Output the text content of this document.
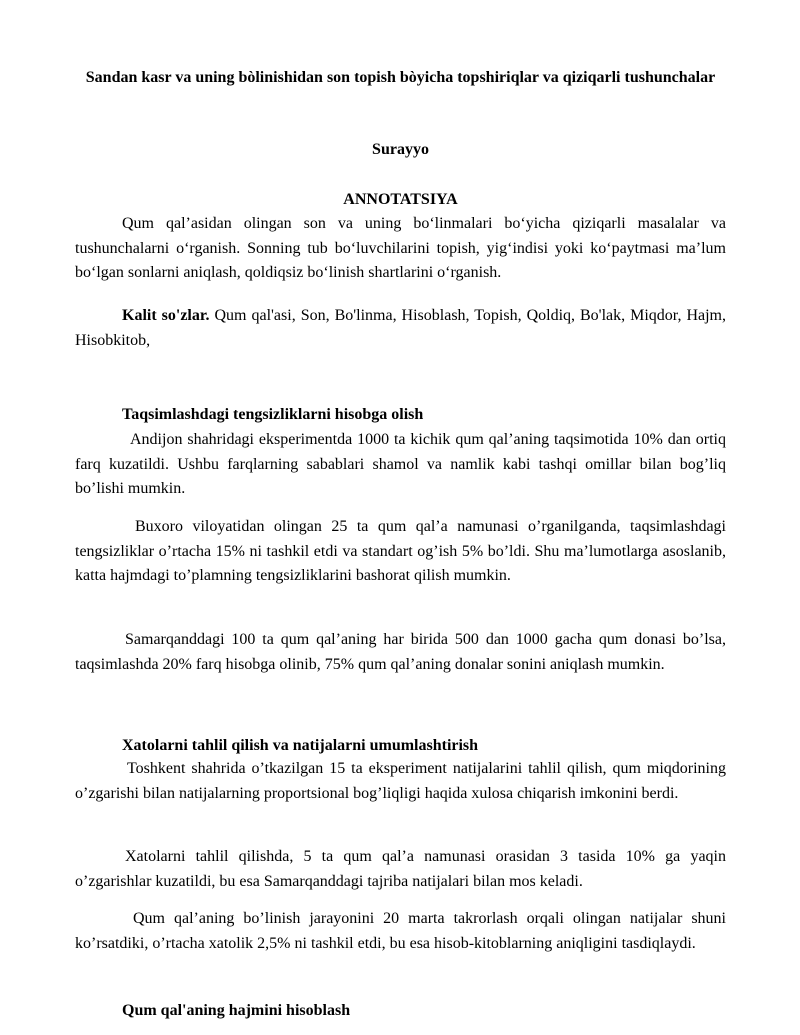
Sandan kasr va uning bòlinishidan son topish bòyicha topshiriqlar va qiziqarli tushunchalar
Surayyo
ANNOTATSIYA

Qum qal’asidan olingan son va uning bo‘linmalari bo‘yicha qiziqarli masalalar va tushunchalarni o‘rganish. Sonning tub bo‘luvchilarini topish, yig‘indisi yoki ko‘paytmasi ma’lum bo‘lgan sonlarni aniqlash, qoldiqsiz bo‘linish shartlarini o‘rganish.

Kalit so'zlar. Qum qal'asi, Son, Bo'linma, Hisoblash, Topish, Qoldiq, Bo'lak, Miqdor, Hajm, Hisobkitob,

Taqsimlashdagi tengsizliklarni hisobga olish

Andijon shahridagi eksperimentda 1000 ta kichik qum qal’aning taqsimotida 10% dan ortiq farq kuzatildi. Ushbu farqlarning sabablari shamol va namlik kabi tashqi omillar bilan bog’liq bo’lishi mumkin.

Buxoro viloyatidan olingan 25 ta qum qal’a namunasi o’rganilganda, taqsimlashdagi tengsizliklar o’rtacha 15% ni tashkil etdi va standart og’ish 5% bo’ldi. Shu ma’lumotlarga asoslanib, katta hajmdagi to’plamning tengsizliklarini bashorat qilish mumkin.

Samarqanddagi 100 ta qum qal’aning har birida 500 dan 1000 gacha qum donasi bo’lsa, taqsimlashda 20% farq hisobga olinib, 75% qum qal’aning donalar sonini aniqlash mumkin.

Xatolarni tahlil qilish va natijalarni umumlashtirish

Toshkent shahrida o’tkazilgan 15 ta eksperiment natijalarini tahlil qilish, qum miqdorining o’zgarishi bilan natijalarning proportsional bog’liqligi haqida xulosa chiqarish imkonini berdi.

Xatolarni tahlil qilishda, 5 ta qum qal’a namunasi orasidan 3 tasida 10% ga yaqin o’zgarishlar kuzatildi, bu esa Samarqanddagi tajriba natijalari bilan mos keladi.

Qum qal’aning bo’linish jarayonini 20 marta takrorlash orqali olingan natijalar shuni ko’rsatdiki, o’rtacha xatolik 2,5% ni tashkil etdi, bu esa hisob-kitoblarning aniqligini tasdiqlaydi.

Qum qal'aning hajmini hisoblash
